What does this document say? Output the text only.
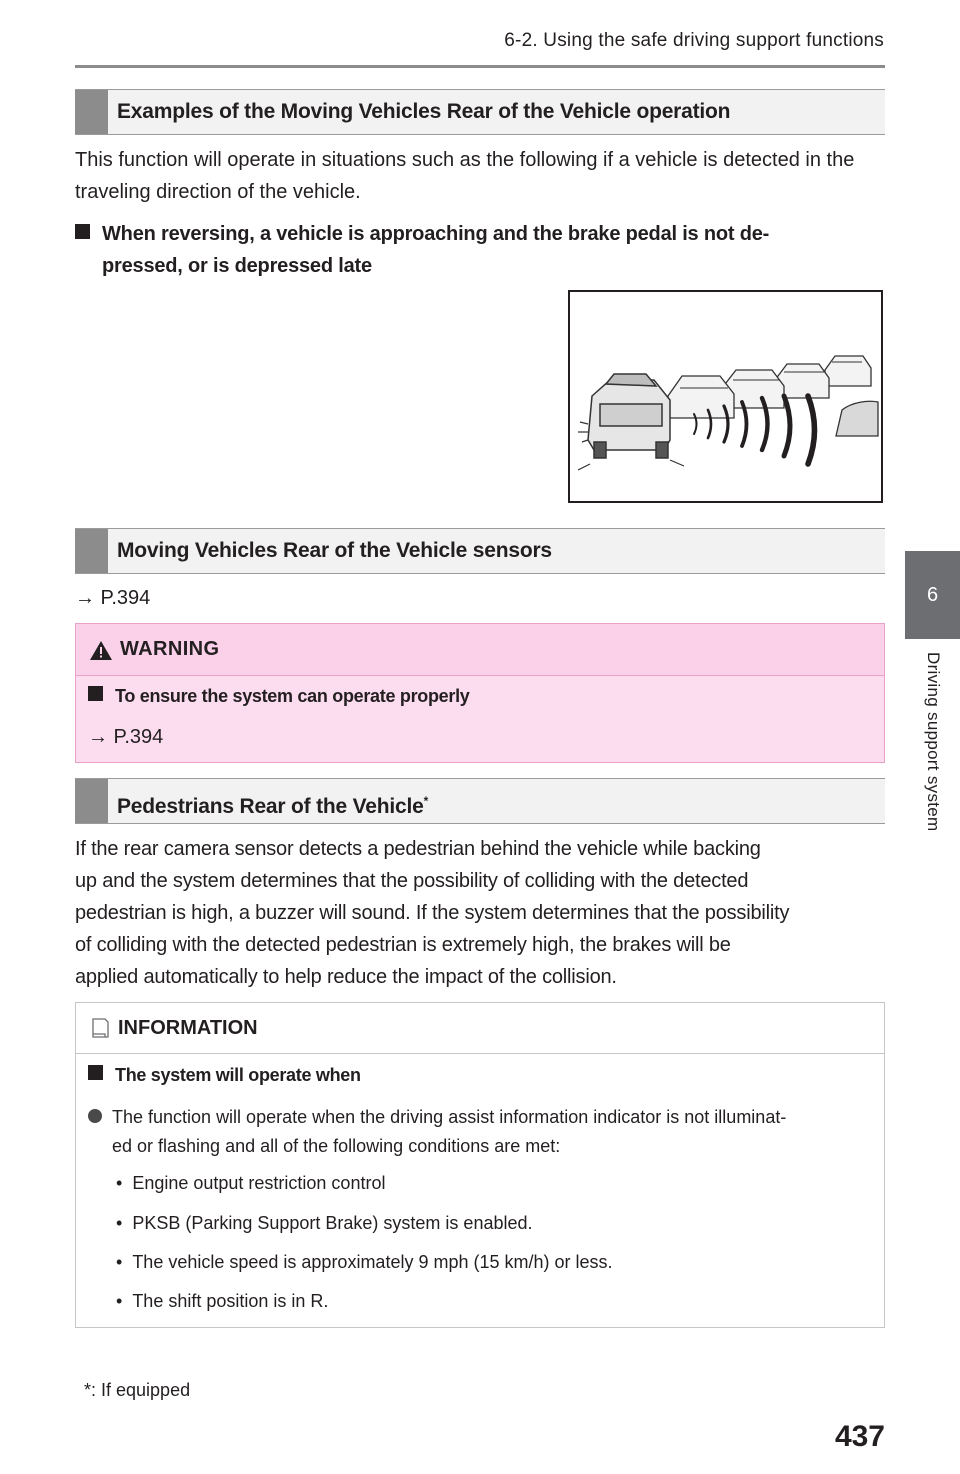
6-2. Using the safe driving support functions
6
Driving support system
Examples of the Moving Vehicles Rear of the Vehicle operation
This function will operate in situations such as the following if a vehicle is detected in the traveling direction of the vehicle.
When reversing, a vehicle is approaching and the brake pedal is not de-
pressed, or is depressed late
Moving Vehicles Rear of the Vehicle sensors
→ P.394
WARNING
To ensure the system can operate properly
→ P.394
Pedestrians Rear of the Vehicle*
If the rear camera sensor detects a pedestrian behind the vehicle while backing
up and the system determines that the possibility of colliding with the detected
pedestrian is high, a buzzer will sound. If the system determines that the possibility
of colliding with the detected pedestrian is extremely high, the brakes will be
applied automatically to help reduce the impact of the collision.
INFORMATION
The system will operate when
The function will operate when the driving assist information indicator is not illuminat-
ed or flashing and all of the following conditions are met:
• Engine output restriction control
• PKSB (Parking Support Brake) system is enabled.
• The vehicle speed is approximately 9 mph (15 km/h) or less.
• The shift position is in R.
*: If equipped
437
